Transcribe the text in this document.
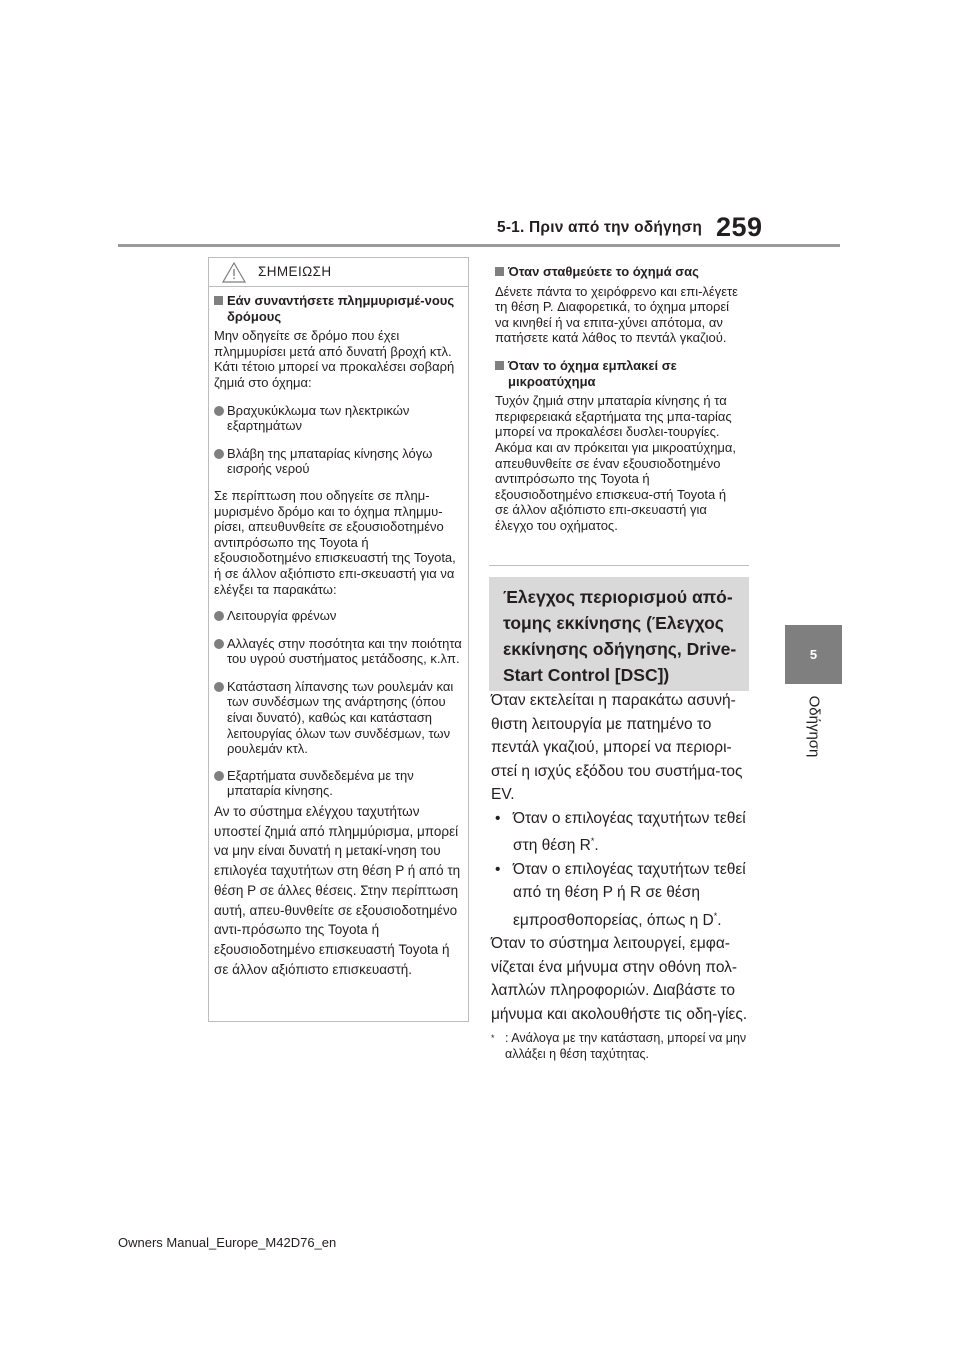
5-1. Πριν από την οδήγηση 259
5
Οδήγηση
ΣΗΜΕΙΩΣΗ
Εάν συναντήσετε πλημμυρισμέ-νους δρόμους

Μην οδηγείτε σε δρόμο που έχει πλημμυρίσει μετά από δυνατή βροχή κτλ. Κάτι τέτοιο μπορεί να προκαλέσει σοβαρή ζημιά στο όχημα:

Βραχυκύκλωμα των ηλεκτρικών εξαρτημάτων
Βλάβη της μπαταρίας κίνησης λόγω εισροής νερού

Σε περίπτωση που οδηγείτε σε πλημ-μυρισμένο δρόμο και το όχημα πλημμυ-ρίσει, απευθυνθείτε σε εξουσιοδοτημένο αντιπρόσωπο της Toyota ή εξουσιοδοτημένο επισκευαστή της Toyota, ή σε άλλον αξιόπιστο επι-σκευαστή για να ελέγξει τα παρακάτω:

Λειτουργία φρένων
Αλλαγές στην ποσότητα και την ποιότητα του υγρού συστήματος μετάδοσης, κ.λπ.
Κατάσταση λίπανσης των ρουλεμάν και των συνδέσμων της ανάρτησης (όπου είναι δυνατό), καθώς και κατάσταση λειτουργίας όλων των συνδέσμων, των ρουλεμάν κτλ.
Εξαρτήματα συνδεδεμένα με την μπαταρία κίνησης.

Αν το σύστημα ελέγχου ταχυτήτων υποστεί ζημιά από πλημμύρισμα, μπορεί να μην είναι δυνατή η μετακί-νηση του επιλογέα ταχυτήτων στη θέση P ή από τη θέση P σε άλλες θέσεις. Στην περίπτωση αυτή, απευ-θυνθείτε σε εξουσιοδοτημένο αντι-πρόσωπο της Toyota ή εξουσιοδοτημένο επισκευαστή Toyota ή σε άλλον αξιόπιστο επισκευαστή.

Όταν σταθμεύετε το όχημά σας

Δένετε πάντα το χειρόφρενο και επι-λέγετε τη θέση P. Διαφορετικά, το όχημα μπορεί να κινηθεί ή να επιτα-χύνει απότομα, αν πατήσετε κατά λάθος το πεντάλ γκαζιού.

Όταν το όχημα εμπλακεί σε μικροατύχημα

Τυχόν ζημιά στην μπαταρία κίνησης ή τα περιφερειακά εξαρτήματα της μπα-ταρίας μπορεί να προκαλέσει δυσλει-τουργίες. Ακόμα και αν πρόκειται για μικροατύχημα, απευθυνθείτε σε έναν εξουσιοδοτημένο αντιπρόσωπο της Toyota ή εξουσιοδοτημένο επισκευα-στή Toyota ή σε άλλον αξιόπιστο επι-σκευαστή για έλεγχο του οχήματος.

Έλεγχος περιορισμού από-τομης εκκίνησης (Έλεγχος εκκίνησης οδήγησης, Drive-Start Control [DSC])

Όταν εκτελείται η παρακάτω ασυνή-θιστη λειτουργία με πατημένο το πεντάλ γκαζιού, μπορεί να περιορι-στεί η ισχύς εξόδου του συστήμα-τος EV.

• Όταν ο επιλογέας ταχυτήτων τεθεί στη θέση R*.
• Όταν ο επιλογέας ταχυτήτων τεθεί από τη θέση P ή R σε θέση εμπροσθοπορείας, όπως η D*.

Όταν το σύστημα λειτουργεί, εμφα-νίζεται ένα μήνυμα στην οθόνη πολ-λαπλών πληροφοριών. Διαβάστε το μήνυμα και ακολουθήστε τις οδη-γίες.

* : Ανάλογα με την κατάσταση, μπορεί να μην αλλάξει η θέση ταχύτητας.
Owners Manual_Europe_M42D76_en
